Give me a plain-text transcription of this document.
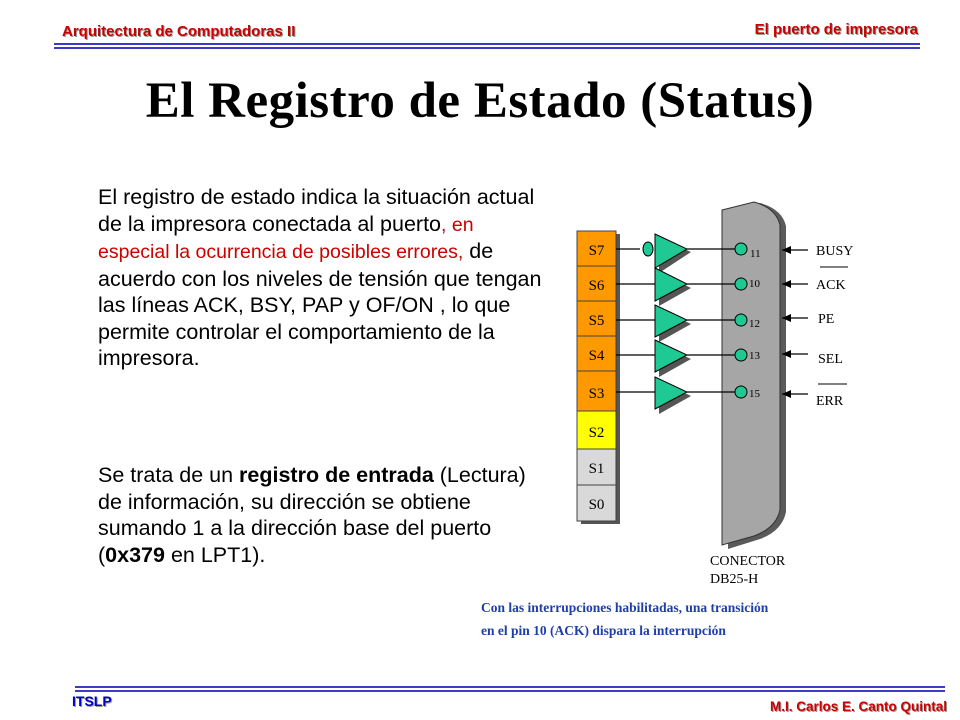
Arquitectura de Computadoras II	El puerto de impresora
El Registro de Estado (Status)
El registro de estado indica la situación actual de la impresora conectada al puerto, en especial la ocurrencia de posibles errores, de acuerdo con los niveles de tensión que tengan las líneas ACK, BSY, PAP y OF/ON , lo que permite controlar el comportamiento de la impresora.
Se trata de un registro de entrada (Lectura) de información, su dirección se obtiene sumando 1 a la dirección base del puerto (0x379 en LPT1).
S7
S6
S5
S4
S3
S2
S1
S0
11
10
12
13
15
BUSY
ACK
PE
SEL
ERR
CONECTOR
DB25-H
Con las interrupciones habilitadas, una transición
en el pin 10 (ACK) dispara la interrupción
ITSLP	M.I. Carlos E. Canto Quintal
